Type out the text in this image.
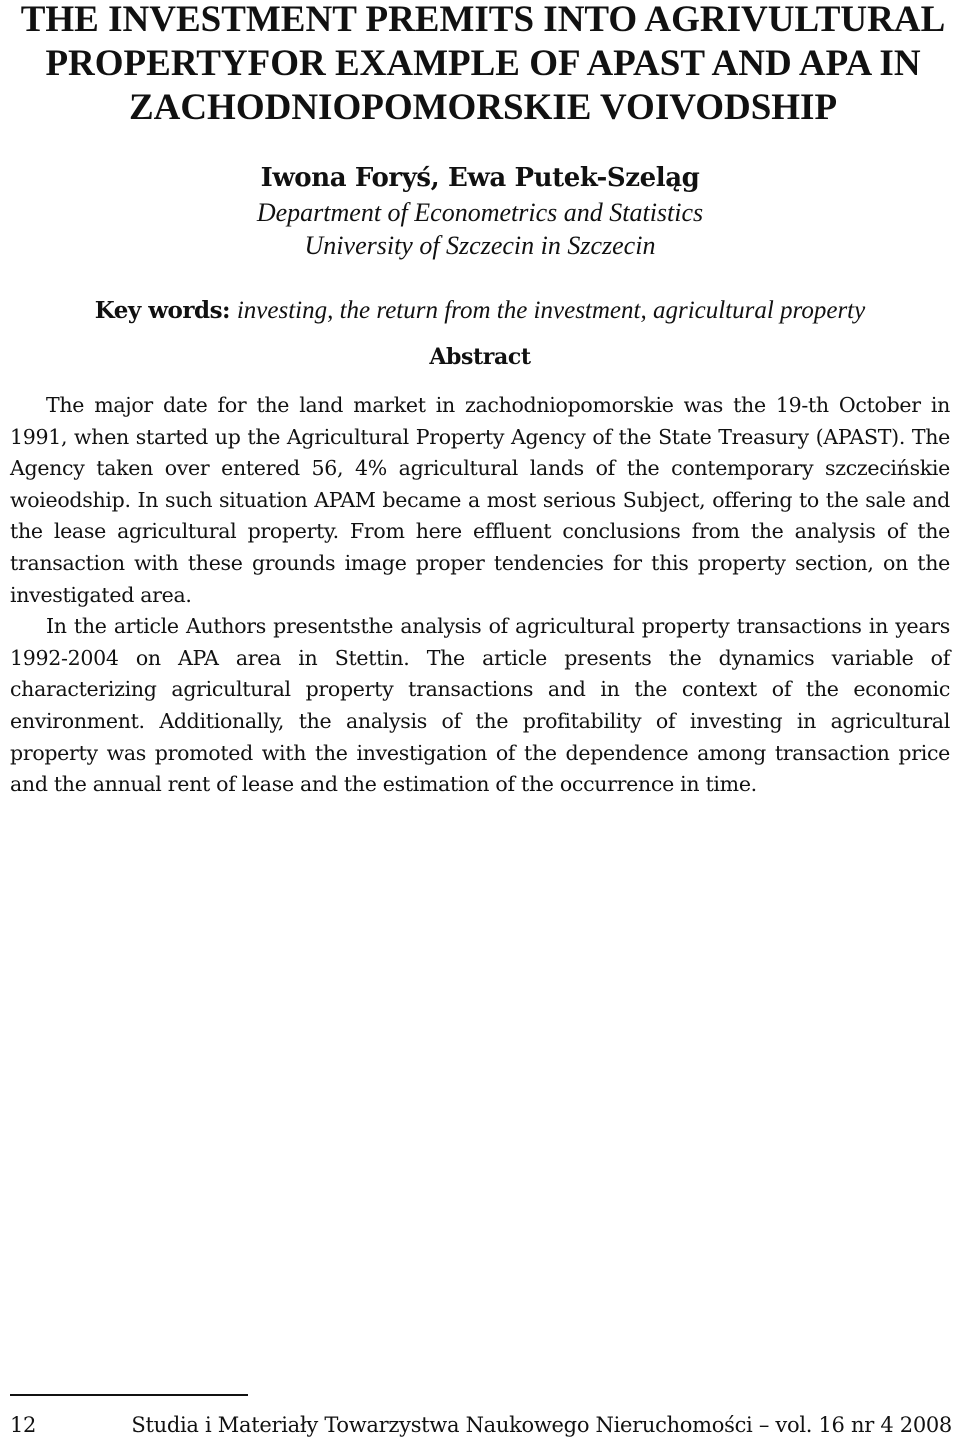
THE INVESTMENT PREMITS INTO AGRIVULTURAL PROPERTYFOR EXAMPLE OF APAST AND APA IN ZACHODNIOPOMORSKIE VOIVODSHIP
Iwona Foryś, Ewa Putek-Szeląg
Department of Econometrics and Statistics
University of Szczecin in Szczecin
Key words: investing, the return from the investment, agricultural property
Abstract

The major date for the land market in zachodniopomorskie was the 19-th October in 1991, when started up the Agricultural Property Agency of the State Treasury (APAST). The Agency taken over entered 56, 4% agricultural lands of the contemporary szczecińskie woieodship. In such situation APAM became a most serious Subject, offering to the sale and the lease agricultural property. From here effluent conclusions from the analysis of the transaction with these grounds image proper tendencies for this property section, on the investigated area.

In the article Authors presentsthe analysis of agricultural property transactions in years 1992-2004 on APA area in Stettin. The article presents the dynamics variable of characterizing agricultural property transactions and in the context of the economic environment. Additionally, the analysis of the profitability of investing in agricultural property was promoted with the investigation of the dependence among transaction price and the annual rent of lease and the estimation of the occurrence in time.

12	Studia i Materiały Towarzystwa Naukowego Nieruchomości – vol. 16 nr 4 2008
